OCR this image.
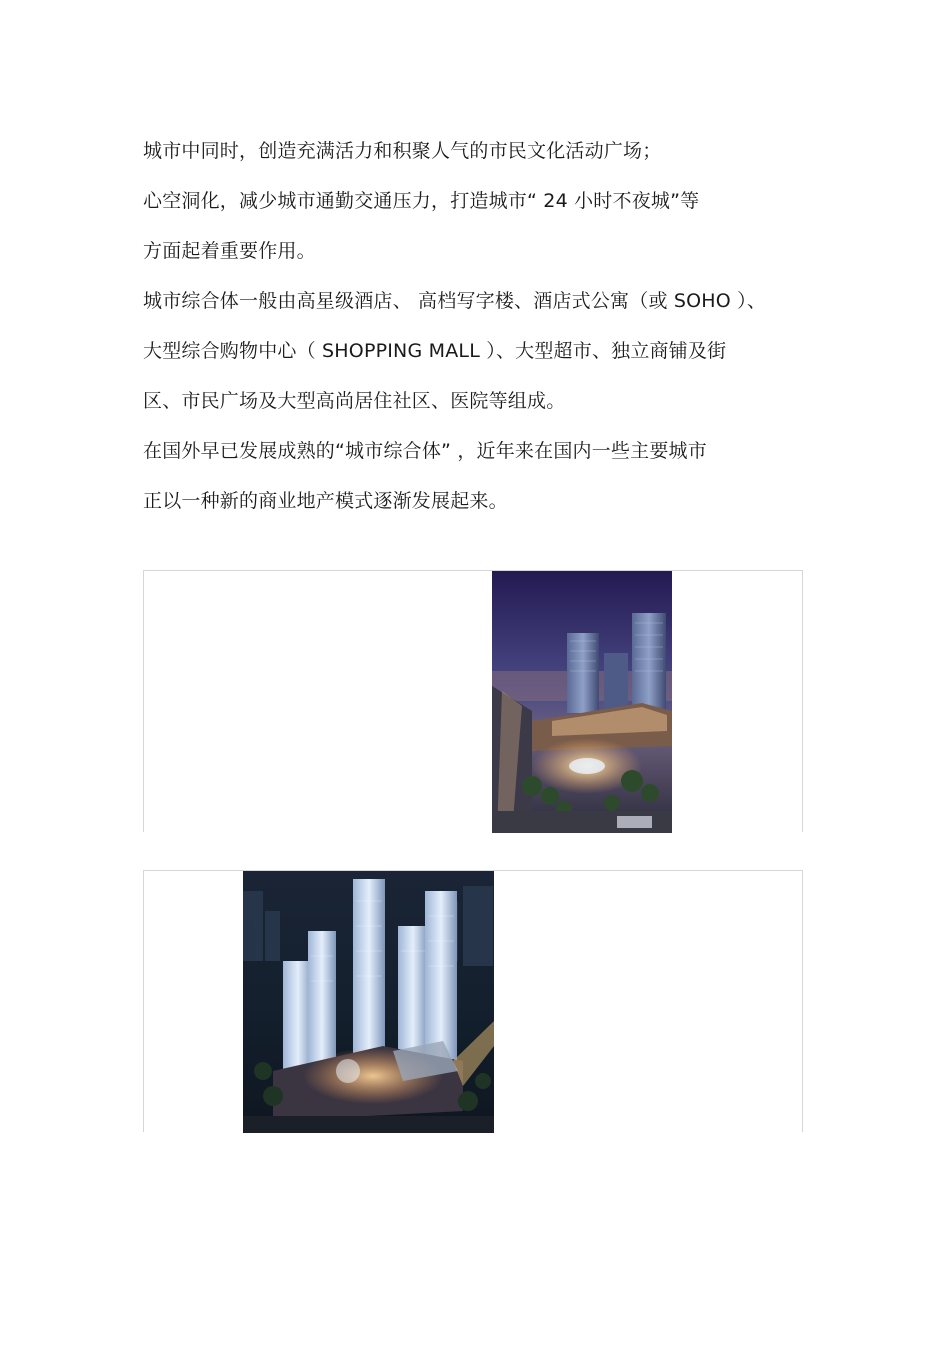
城市中同时，创造充满活力和积聚人气的市民文化活动广场；
心空洞化，减少城市通勤交通压力，打造城市“ 24 小时不夜城”等
方面起着重要作用。
城市综合体一般由高星级酒店、 高档写字楼、酒店式公寓（或 SOHO ）、
大型综合购物中心（ SHOPPING MALL ）、大型超市、独立商铺及街
区、市民广场及大型高尚居住社区、医院等组成。
在国外早已发展成熟的“城市综合体” ，近年来在国内一些主要城市
正以一种新的商业地产模式逐渐发展起来。
